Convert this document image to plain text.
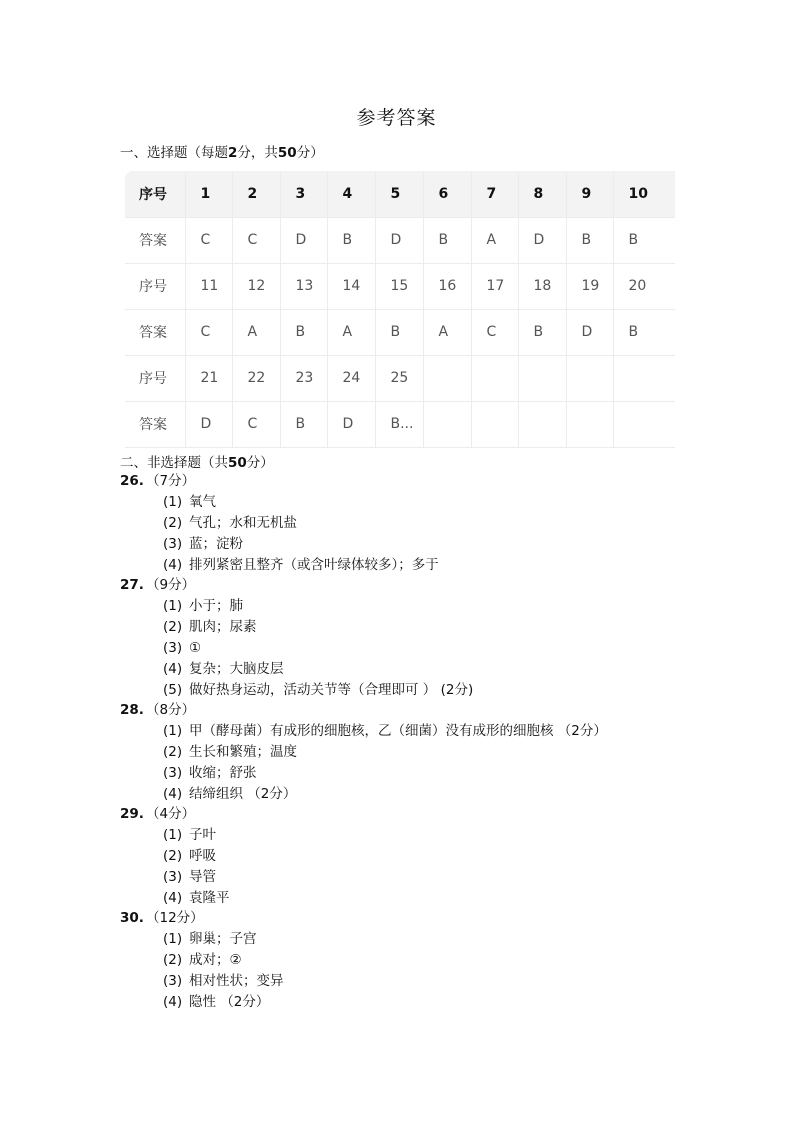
参考答案
一、选择题（每题2分，共50分）
序号	1	2	3	4	5	6	7	8	9	10	
答案	C	C	D	B	D	B	A	D	B	B	
序号	11	12	13	14	15	16	17	18	19	20	
答案	C	A	B	A	B	A	C	B	D	B	
序号	21	22	23	24	25						
答案	D	C	B	D	B...						
二、非选择题（共50分）
26. （7分）
(1) 氧气
(2) 气孔；水和无机盐
(3) 蓝；淀粉
(4) 排列紧密且整齐（或含叶绿体较多）；多于
27. （9分）
(1) 小于；肺
(2) 肌肉；尿素
(3) ①
(4) 复杂；大脑皮层
(5) 做好热身运动，活动关节等（合理即可 ） (2分)
28. （8分）
(1) 甲（酵母菌）有成形的细胞核，乙（细菌）没有成形的细胞核 （2分）
(2) 生长和繁殖；温度
(3) 收缩；舒张
(4) 结缔组织 （2分）
29. （4分）
(1) 子叶
(2) 呼吸
(3) 导管
(4) 袁隆平
30. （12分）
(1) 卵巢；子宫
(2) 成对；②
(3) 相对性状；变异
(4) 隐性 （2分）
